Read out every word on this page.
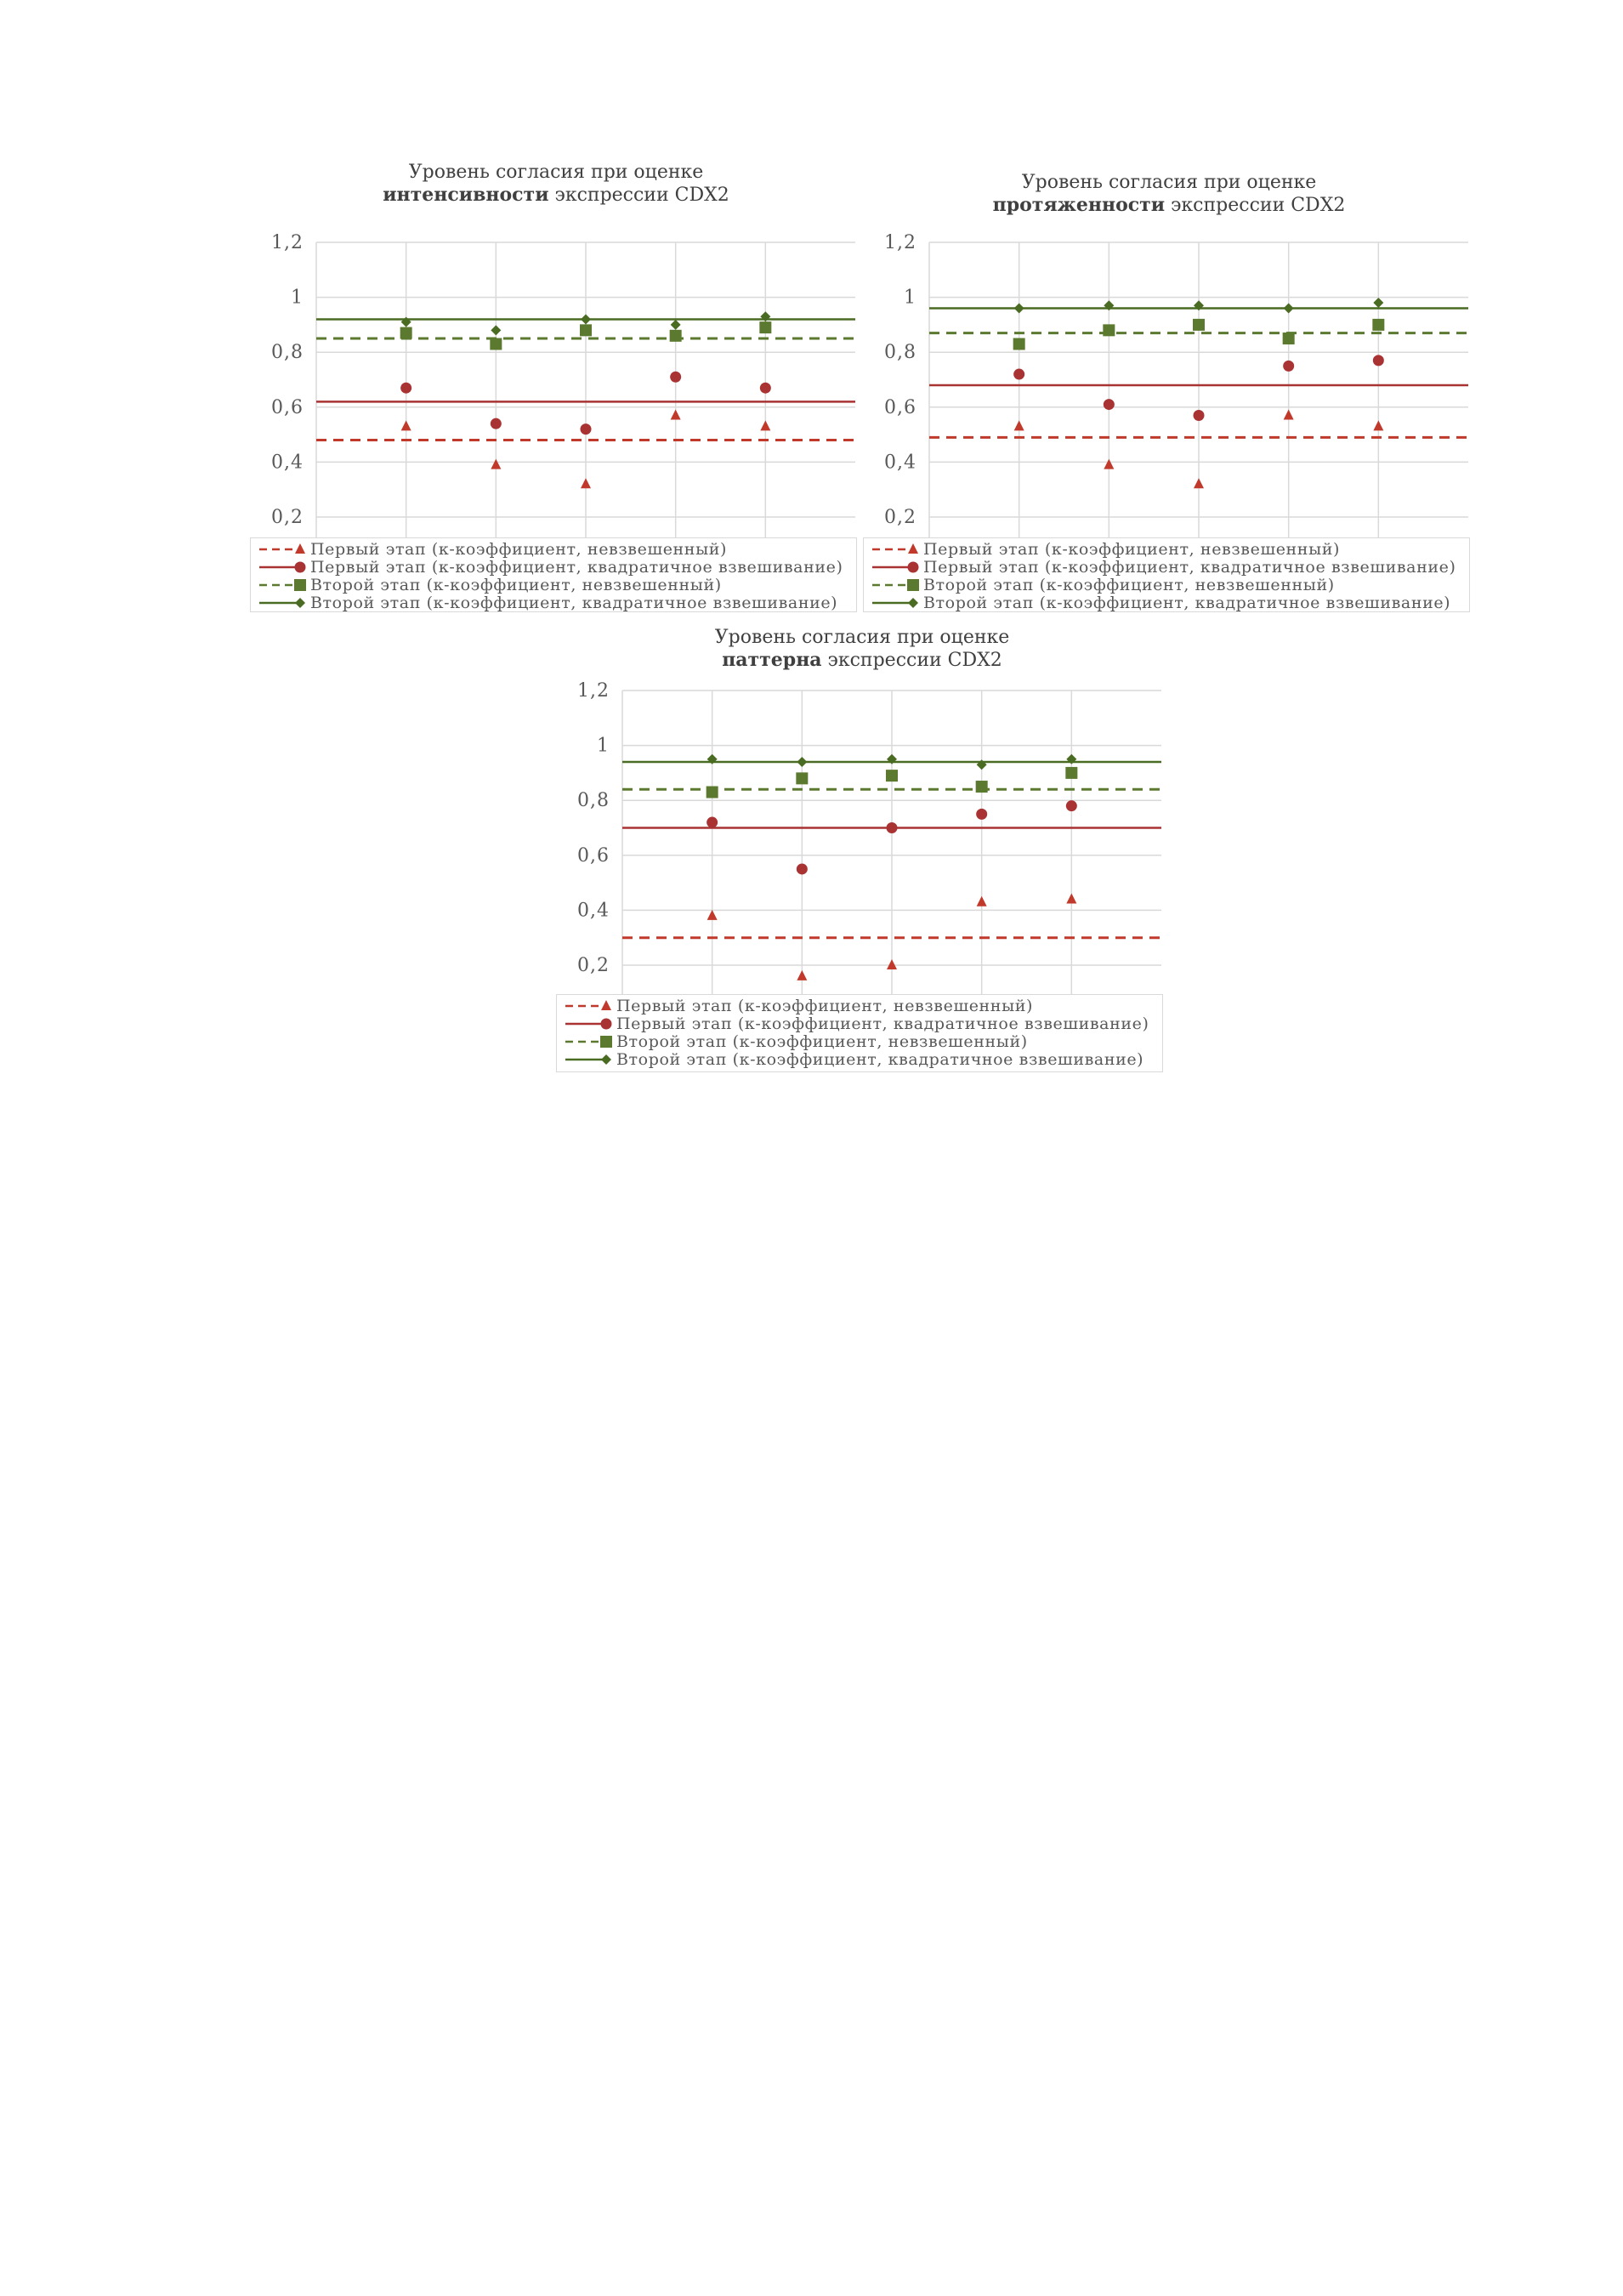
Уровень согласия при оценке
интенсивности экспрессии CDX2
0,2
0,4
0,6
0,8
1
1,2
Первый этап (к-коэффициент, невзвешенный)
Первый этап (к-коэффициент, квадратичное взвешивание)
Второй этап (к-коэффициент, невзвешенный)
Второй этап (к-коэффициент, квадратичное взвешивание)
Уровень согласия при оценке
протяженности экспрессии CDX2
0,2
0,4
0,6
0,8
1
1,2
Первый этап (к-коэффициент, невзвешенный)
Первый этап (к-коэффициент, квадратичное взвешивание)
Второй этап (к-коэффициент, невзвешенный)
Второй этап (к-коэффициент, квадратичное взвешивание)
Уровень согласия при оценке
паттерна экспрессии CDX2
0,2
0,4
0,6
0,8
1
1,2
Первый этап (к-коэффициент, невзвешенный)
Первый этап (к-коэффициент, квадратичное взвешивание)
Второй этап (к-коэффициент, невзвешенный)
Второй этап (к-коэффициент, квадратичное взвешивание)
